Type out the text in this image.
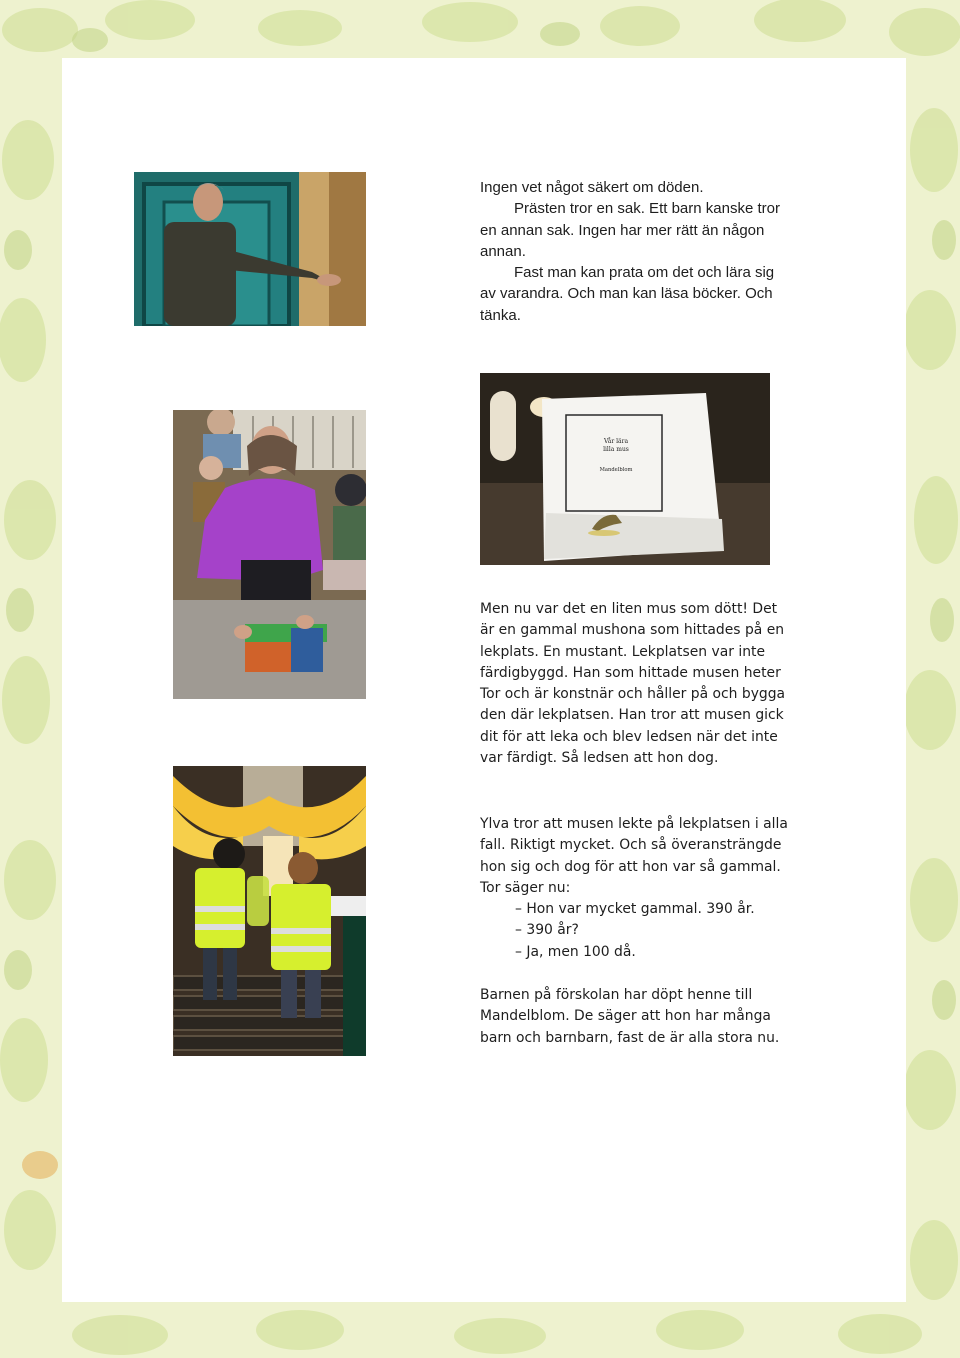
Vår lära
lilla mus
Mandelblom

Ingen vet något säkert om döden.

Prästen tror en sak. Ett barn kanske tror en annan sak. Ingen har mer rätt än någon annan.

Fast man kan prata om det och lära sig av varandra. Och man kan läsa böcker. Och tänka.

Men nu var det en liten mus som dött! Det är en gammal mushona som hittades på en lekplats. En mustant. Lekplatsen var inte färdigbyggd. Han som hittade musen heter Tor och är konstnär och håller på och bygga den där lekplatsen. Han tror att musen gick dit för att leka och blev ledsen när det inte var färdigt. Så ledsen att hon dog.

Ylva tror att musen lekte på lekplatsen i alla fall. Riktigt mycket. Och så överansträngde hon sig och dog för att hon var så gammal. Tor säger nu:

– Hon var mycket gammal. 390 år.

– 390 år?

– Ja, men 100 då.

Barnen på förskolan har döpt henne till Mandelblom. De säger att hon har många barn och barnbarn, fast de är alla stora nu.
